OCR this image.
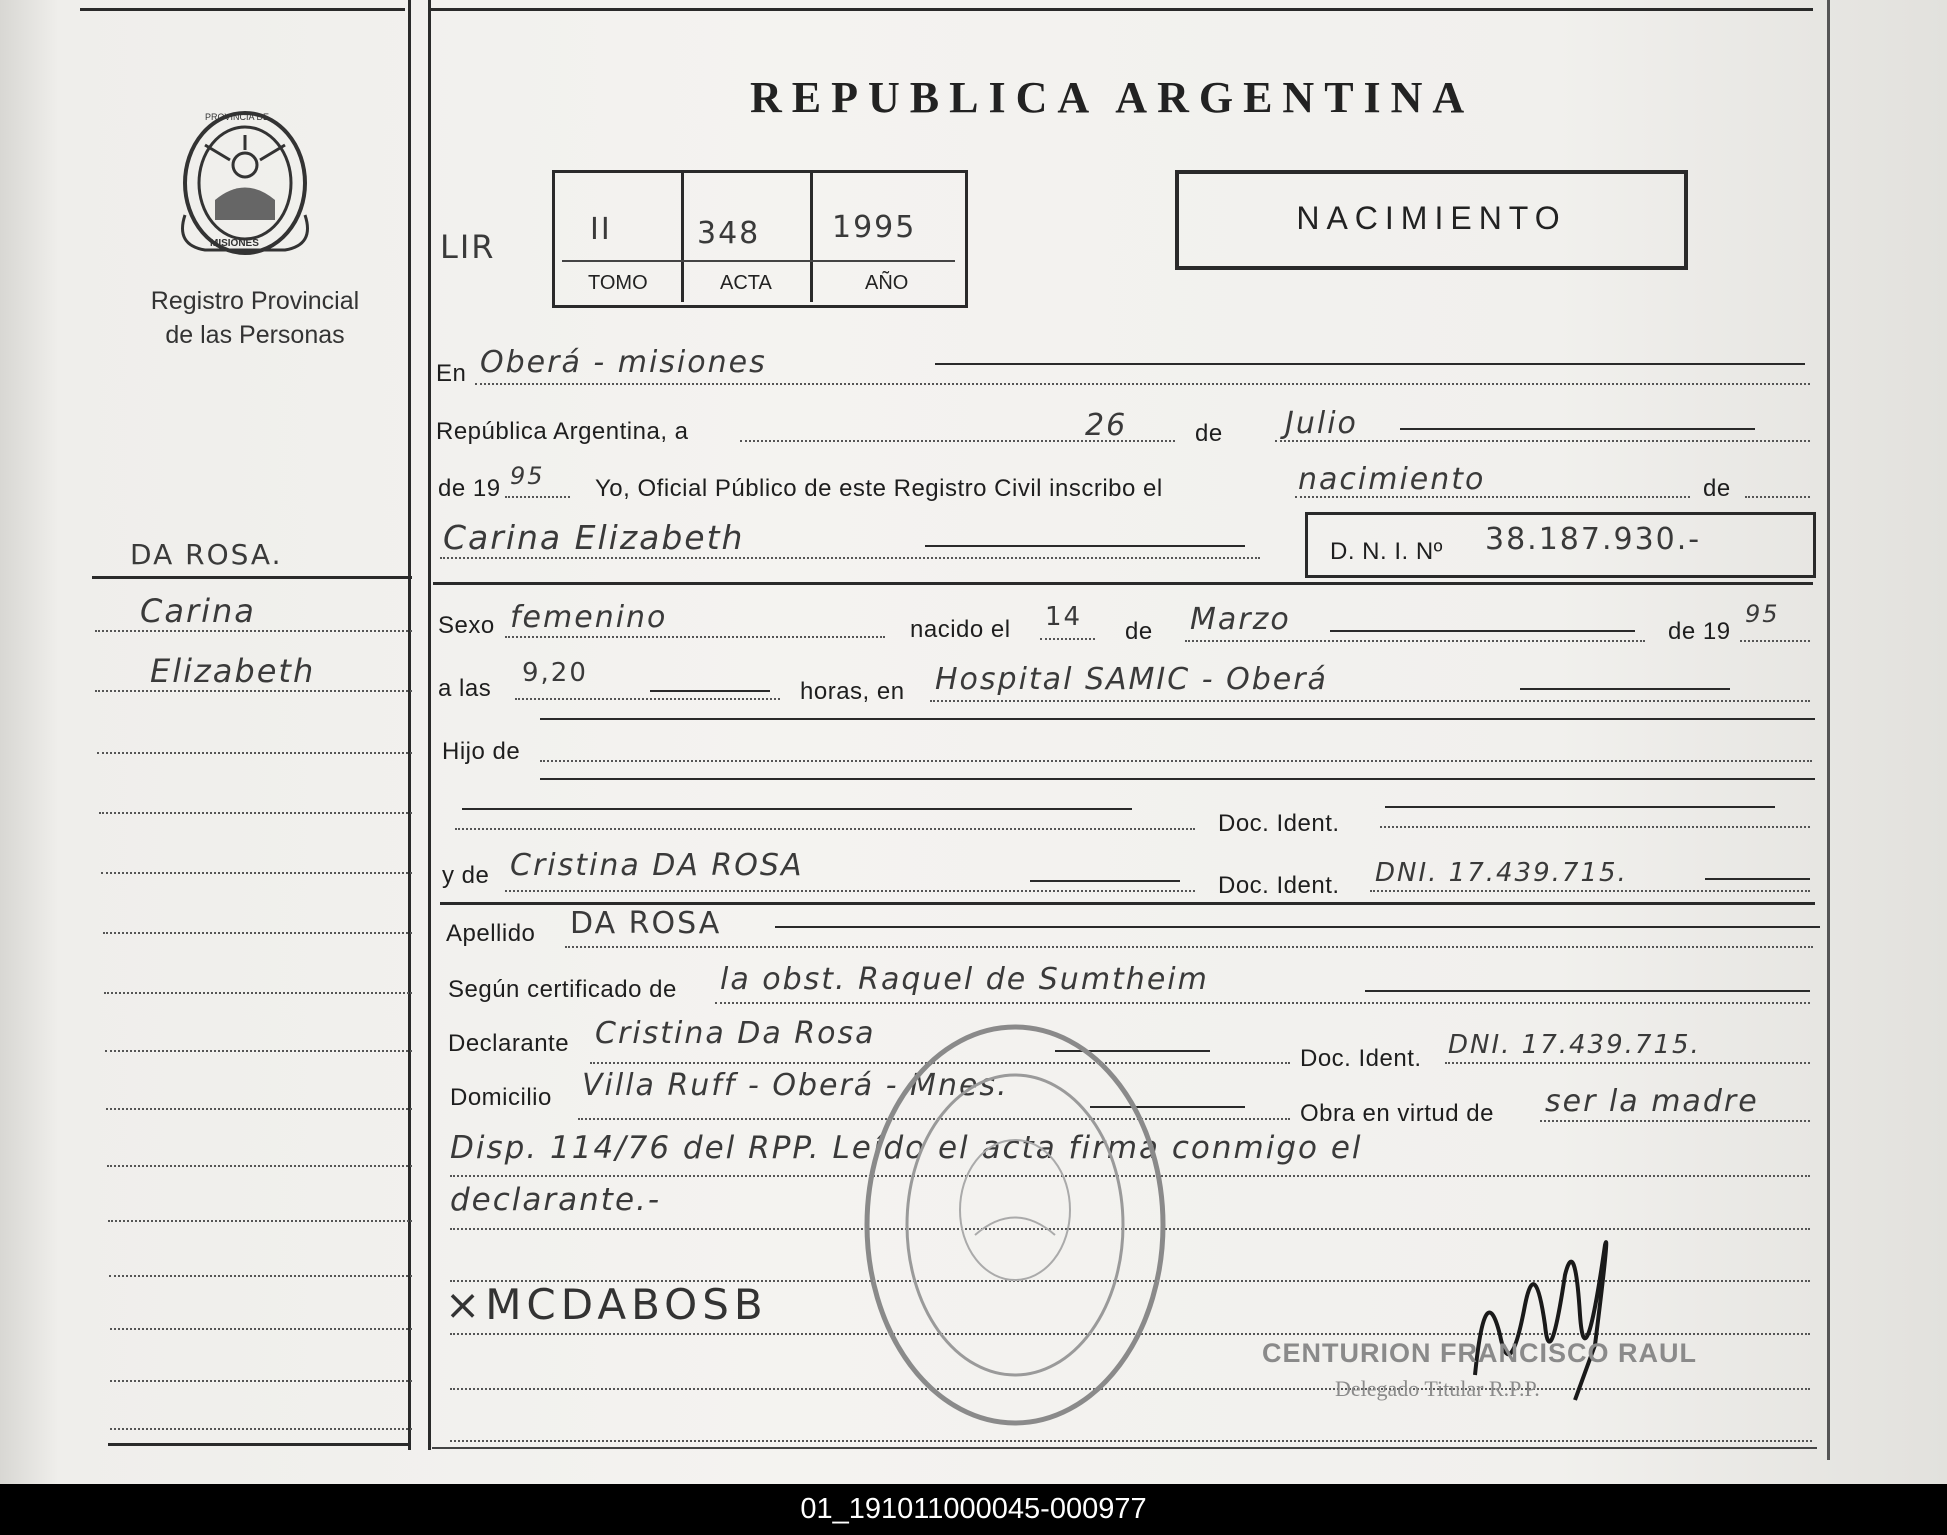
PROVINCIA DE
MISIONES
Registro Provincial
de las Personas
REPUBLICA ARGENTINA
LIR	II	348 1995
TOMO	ACTA	AÑO
NACIMIENTO
En Oberá - misiones
República Argentina, a	26	de Julio
de 19 95 Yo, Oficial Público de este Registro Civil inscribo el	nacimiento	de
Carina Elizabeth	D. N. I. Nº 38.187.930.-
DA ROSA.
Carina
Elizabeth
Sexo femenino	nacido el 14 de Marzo	de 19
95
a las
9,20
horas, en Hospital SAMIC - Oberá
Hijo de
Doc. Ident.
y de Cristina DA ROSA
Doc. Ident. DNI. 17.439.715.
Apellido DA ROSA
Según certificado de la obst. Raquel de Sumtheim
Declarante Cristina Da Rosa
Doc. Ident. DNI. 17.439.715.
Domicilio Villa Ruff - Oberá - Mnes.
Obra en virtud de ser la madre
Disp. 114/76 del RPP. Leído el acta firma conmigo el
declarante.-
×MCDABOSB
CENTURION FRANCISCO RAUL
Delegado Titular R.P.P.
01_191011000045-000977
